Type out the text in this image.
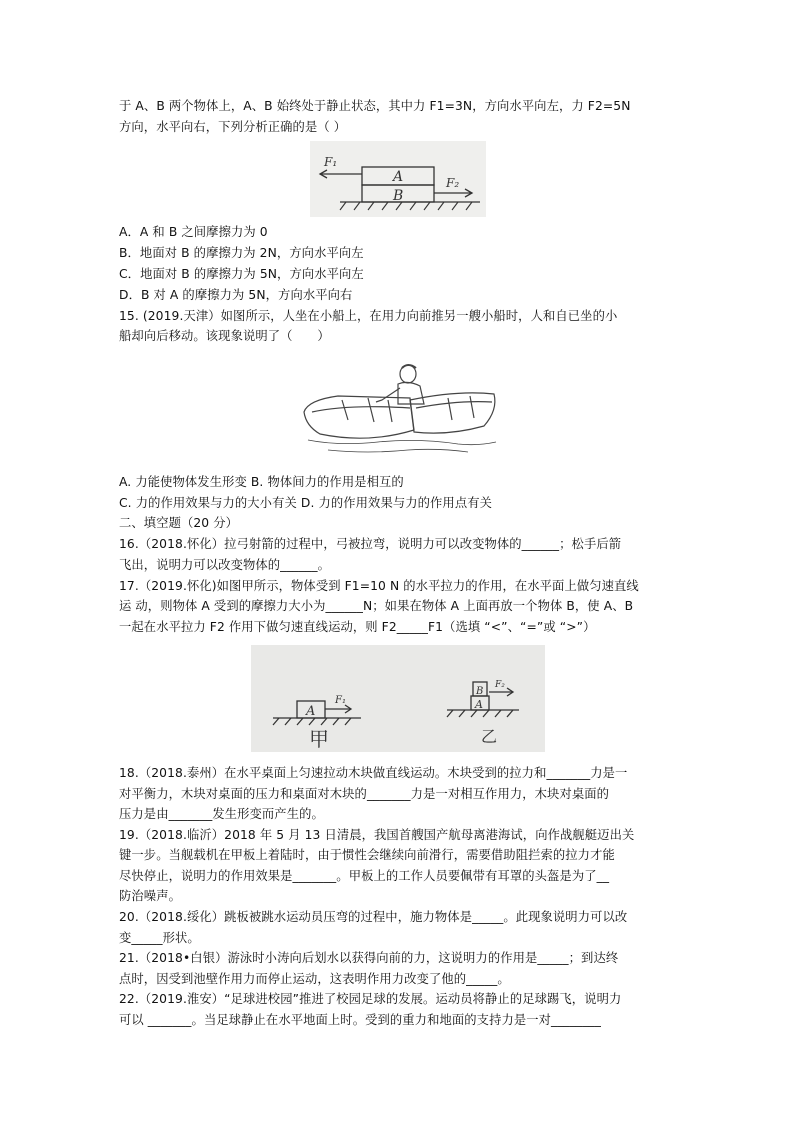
于 A、B 两个物体上，A、B 始终处于静止状态，其中力 F1=3N，方向水平向左，力 F2=5N
方向，水平向右，下列分析正确的是（ ）
F₁
A
B
F₂
A．A 和 B 之间摩擦力为 0
B．地面对 B 的摩擦力为 2N，方向水平向左
C．地面对 B 的摩擦力为 5N，方向水平向左
D．B 对 A 的摩擦力为 5N，方向水平向右
15. (2019.天津）如图所示，人坐在小船上，在用力向前推另一艘小船时，人和自已坐的小
船却向后移动。该现象说明了（　　）
A. 力能使物体发生形变 B. 物体间力的作用是相互的
C. 力的作用效果与力的大小有关 D. 力的作用效果与力的作用点有关
二、填空题（20 分）
16.（2018.怀化）拉弓射箭的过程中，弓被拉弯，说明力可以改变物体的______；松手后箭
飞出，说明力可以改变物体的______。
17.（2019.怀化)如图甲所示，物体受到 F1=10 N 的水平拉力的作用，在水平面上做匀速直线
运 动，则物体 A 受到的摩擦力大小为______N；如果在物体 A 上面再放一个物体 B，使 A、B
一起在水平拉力 F2 作用下做匀速直线运动，则 F2_____F1（选填 “<”、“=”或 “>”）
A
F₁	A
B
F₂
甲	乙
18.（2018.泰州）在水平桌面上匀速拉动木块做直线运动。木块受到的拉力和_______力是一
对平衡力，木块对桌面的压力和桌面对木块的_______力是一对相互作用力，木块对桌面的
压力是由_______发生形变而产生的。
19.（2018.临沂）2018 年 5 月 13 日清晨，我国首艘国产航母离港海试，向作战舰艇迈出关
键一步。当舰载机在甲板上着陆时，由于惯性会继续向前滑行，需要借助阻拦索的拉力才能
尽快停止，说明力的作用效果是_______。甲板上的工作人员要佩带有耳罩的头盔是为了__
防治噪声。
20.（2018.绥化）跳板被跳水运动员压弯的过程中，施力物体是_____。此现象说明力可以改
变_____形状。
21.（2018•白银）游泳时小涛向后划水以获得向前的力，这说明力的作用是_____；到达终
点时，因受到池壁作用力而停止运动，这表明作用力改变了他的_____。
22.（2019.淮安）“足球进校园”推进了校园足球的发展。运动员将静止的足球踢飞，说明力
可以 _______。当足球静止在水平地面上时。受到的重力和地面的支持力是一对________
